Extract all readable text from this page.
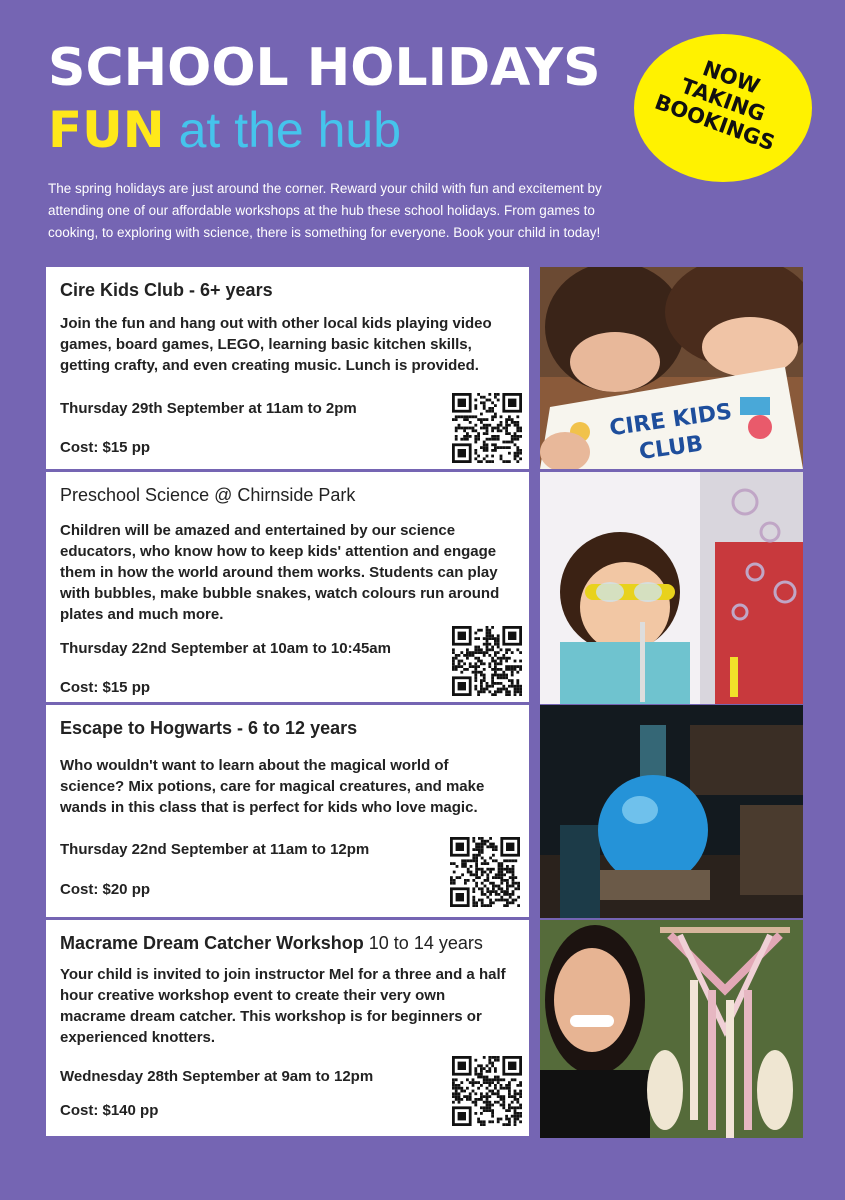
SCHOOL HOLIDAYS
FUN at the hub
NOW
TAKING
BOOKINGS
The spring holidays are just around the corner. Reward your child with fun and excitement by attending one of our affordable workshops at the hub these school holidays. From games to cooking, to exploring with science, there is something for everyone. Book your child in today!
Cire Kids Club - 6+ years
Join the fun and hang out with other local kids playing video games, board games, LEGO, learning basic kitchen skills, getting crafty, and even creating music. Lunch is provided.
Thursday 29th September at 11am to 2pm
Cost: $15 pp
Preschool Science @ Chirnside Park
Children will be amazed and entertained by our science educators, who know how to keep kids' attention and engage them in how the world around them works. Students can play with bubbles, make bubble snakes, watch colours run around plates and much more.
Thursday 22nd September at 10am to 10:45am
Cost: $15 pp
Escape to Hogwarts - 6 to 12 years
Who wouldn't want to learn about the magical world of science? Mix potions, care for magical creatures, and make wands in this class that is perfect for kids who love magic.
Thursday 22nd September at 11am to 12pm
Cost: $20 pp
Macrame Dream Catcher Workshop 10 to 14 years
Your child is invited to join instructor Mel for a three and a half hour creative workshop event to create their very own macrame dream catcher. This workshop is for beginners or experienced knotters.
Wednesday 28th September at 9am to 12pm
Cost: $140 pp
CIRE KIDS
CLUB
